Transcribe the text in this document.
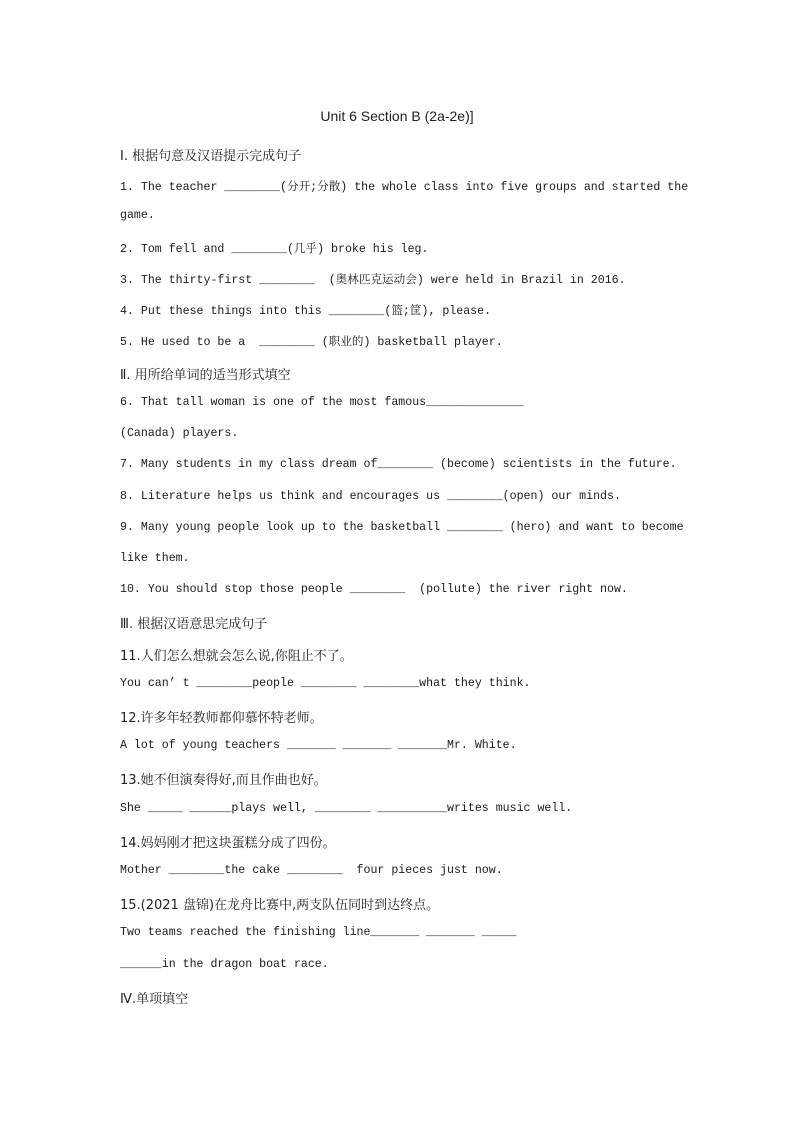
Unit 6 Section B (2a-2e)]
Ⅰ. 根据句意及汉语提示完成句子
1. The teacher ________(分开;分散) the whole class into five groups and started the
game.
2. Tom fell and ________(几乎) broke his leg.
3. The thirty-first ________  (奥林匹克运动会) were held in Brazil in 2016.
4. Put these things into this ________(篮;筐), please.
5. He used to be a  ________ (职业的) basketball player.
Ⅱ. 用所给单词的适当形式填空
6. That tall woman is one of the most famous______________
(Canada) players.
7. Many students in my class dream of________ (become) scientists in the future.
8. Literature helps us think and encourages us ________(open) our minds.
9. Many young people look up to the basketball ________ (hero) and want to become
like them.
10. You should stop those people ________  (pollute) the river right now.
Ⅲ. 根据汉语意思完成句子
11.人们怎么想就会怎么说,你阻止不了。
You can’ t ________people ________ ________what they think.
12.许多年轻教师都仰慕怀特老师。
A lot of young teachers _______ _______ _______Mr. White.
13.她不但演奏得好,而且作曲也好。
She _____ ______plays well, ________ __________writes music well.
14.妈妈刚才把这块蛋糕分成了四份。
Mother ________the cake ________  four pieces just now.
15.(2021 盘锦)在龙舟比赛中,两支队伍同时到达终点。
Two teams reached the finishing line_______ _______ _____
______in the dragon boat race.
Ⅳ.单项填空
